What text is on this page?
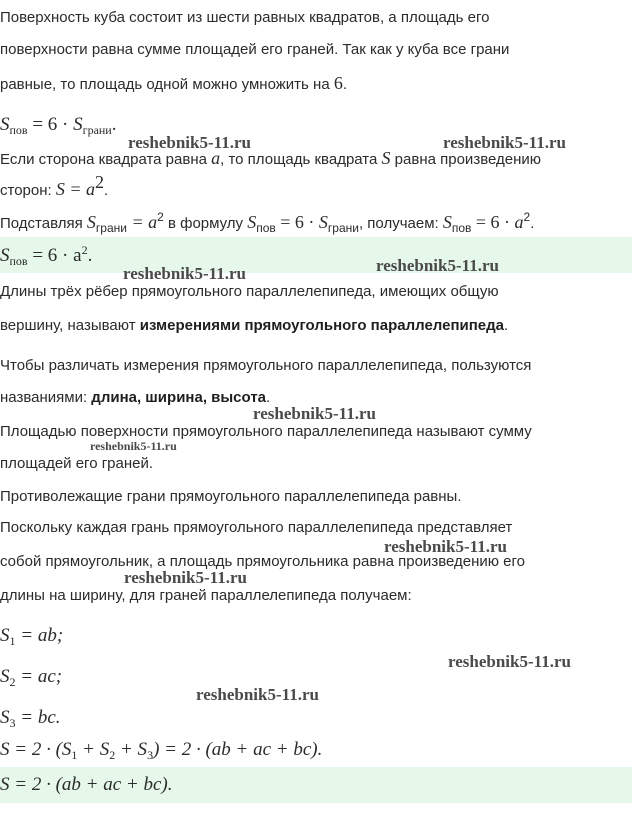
Поверхность куба состоит из шести равных квадратов, а площадь его
поверхности равна сумме площадей его граней. Так как у куба все грани
равные, то площадь одной можно умножить на 6.
$S_{пов} = 6 \cdot S_{грани}$.
Если сторона квадрата равна a, то площадь квадрата S равна произведению
сторон: $S = a^2$.
Подставляя $S_{грани} = a^2$ в формулу $S_{пов} = 6 \cdot S_{грани}$, получаем: $S_{пов} = 6 \cdot a^2$.
$S_{пов} = 6 \cdot a^2$.
Длины трёх рёбер прямоугольного параллелепипеда, имеющих общую
вершину, называют измерениями прямоугольного параллелепипеда.
Чтобы различать измерения прямоугольного параллелепипеда, пользуются
названиями: длина, ширина, высота.
Площадью поверхности прямоугольного параллелепипеда называют сумму
площадей его граней.
Противолежащие грани прямоугольного параллелепипеда равны.
Поскольку каждая грань прямоугольного параллелепипеда представляет
собой прямоугольник, а площадь прямоугольника равна произведению его
длины на ширину, для граней параллелепипеда получаем:
$S_1$ = ab;
$S_2$ = ac;
$S_3$ = bc.
$S = 2 \cdot (S_1 + S_2 + S_3) = 2 \cdot (ab$ + ac + bc).
S = 2 · (ab + ac + bc).
reshebnik5-11.ru	reshebnik5-11.ru
reshebnik5-11.ru	reshebnik5-11.ru
reshebnik5-11.ru
reshebnik5-11.ru
reshebnik5-11.ru
reshebnik5-11.ru
reshebnik5-11.ru
reshebnik5-11.ru
